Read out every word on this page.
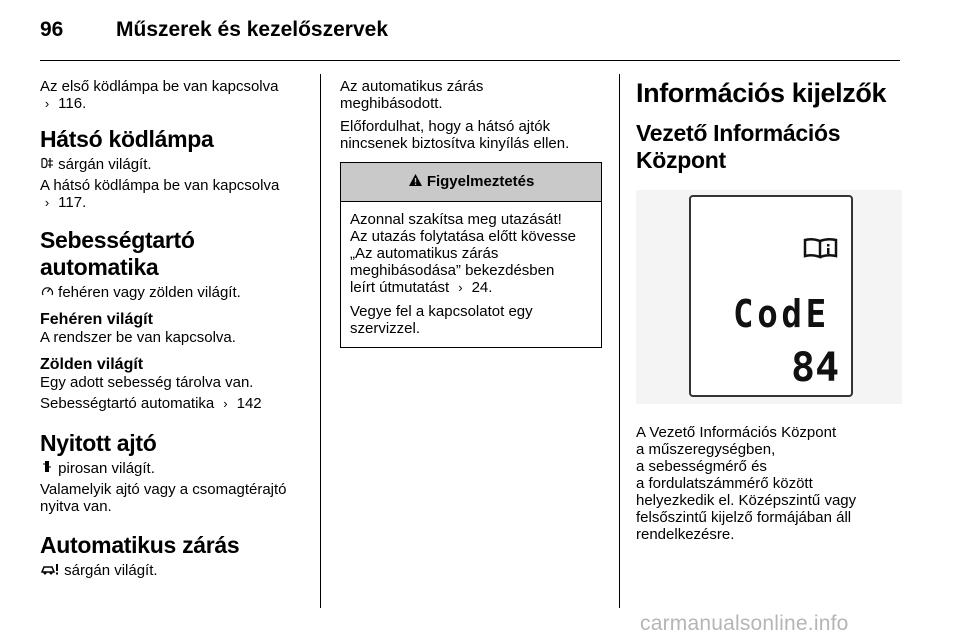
96	Műszerek és kezelőszervek

Az első ködlámpa be van kapcsolva

› 116.

Hátsó ködlámpa

sárgán világít.

A hátsó ködlámpa be van kapcsolva

› 117.

Sebességtartó automatika

fehéren vagy zölden világít.

Fehéren világít

A rendszer be van kapcsolva.

Zölden világít

Egy adott sebesség tárolva van.

Sebességtartó automatika › 142

Nyitott ajtó

pirosan világít.

Valamelyik ajtó vagy a csomagtérajtó nyitva van.

Automatikus zárás

sárgán világít.

Az automatikus zárás

meghibásodott.

Előfordulhat, hogy a hátsó ajtók

nincsenek biztosítva kinyílás ellen.

Figyelmeztetés

Azonnal szakítsa meg utazását!

Az utazás folytatása előtt kövesse

„Az automatikus zárás

meghibásodása” bekezdésben

leírt útmutatást › 24.

Vegye fel a kapcsolatot egy

szervizzel.

Információs kijelzők

Vezető Információs

Központ

CodE
84

A Vezető Információs Központ

a műszeregységben,

a sebességmérő és

a fordulatszámmérő között

helyezkedik el. Középszintű vagy

felsőszintű kijelző formájában áll

rendelkezésre.

carmanualsonline.info
